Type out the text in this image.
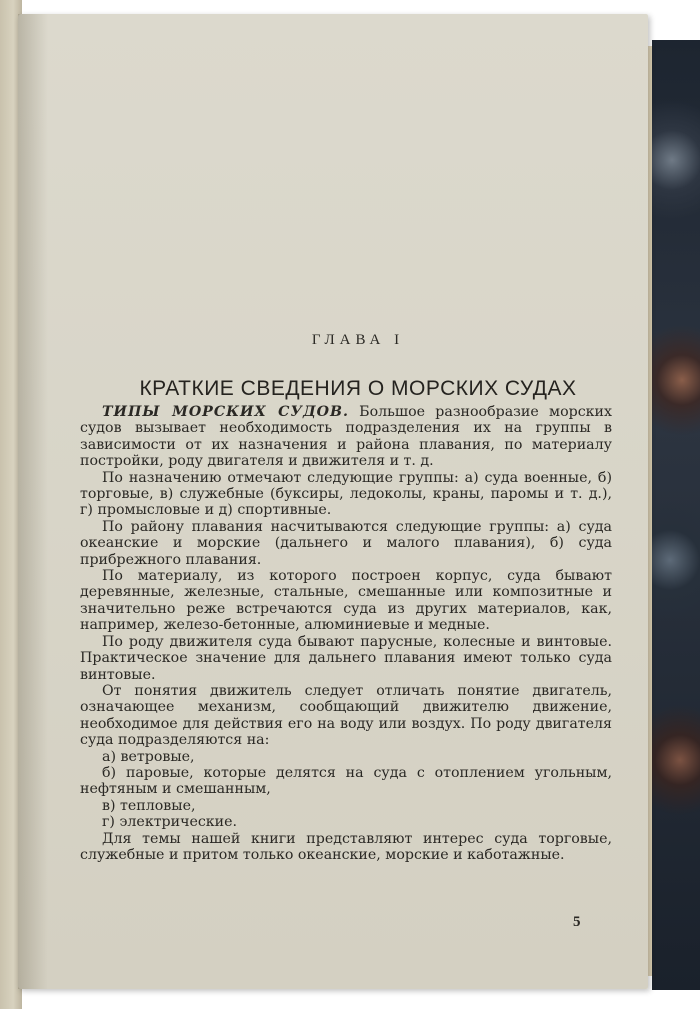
ГЛАВА I
КРАТКИЕ СВЕДЕНИЯ О МОРСКИХ СУДАХ

ТИПЫ МОРСКИХ СУДОВ. Большое разнообразие морских судов вызывает необходимость подразделения их на группы в зависимости от их назначения и района плавания, по материалу постройки, роду двигателя и движителя и т. д.

По назначению отмечают следующие группы: а) суда военные, б) торговые, в) служебные (буксиры, ледоколы, краны, паромы и т. д.), г) промысловые и д) спортивные.

По району плавания насчитываются следующие группы: а) суда океанские и морские (дальнего и малого плавания), б) суда прибрежного плавания.

По материалу, из которого построен корпус, суда бывают деревянные, железные, стальные, смешанные или композитные и значительно реже встречаются суда из других материалов, как, например, железо-бетонные, алюминиевые и медные.

По роду движителя суда бывают парусные, колесные и винтовые. Практическое значение для дальнего плавания имеют только суда винтовые.

От понятия движитель следует отличать понятие двигатель, означающее механизм, сообщающий движителю движение, необходимое для действия его на воду или воздух. По роду двигателя суда подразделяются на:

а) ветровые,

б) паровые, которые делятся на суда с отоплением угольным, нефтяным и смешанным,

в) тепловые,

г) электрические.

Для темы нашей книги представляют интерес суда торговые, служебные и притом только океанские, морские и каботажные.

5
